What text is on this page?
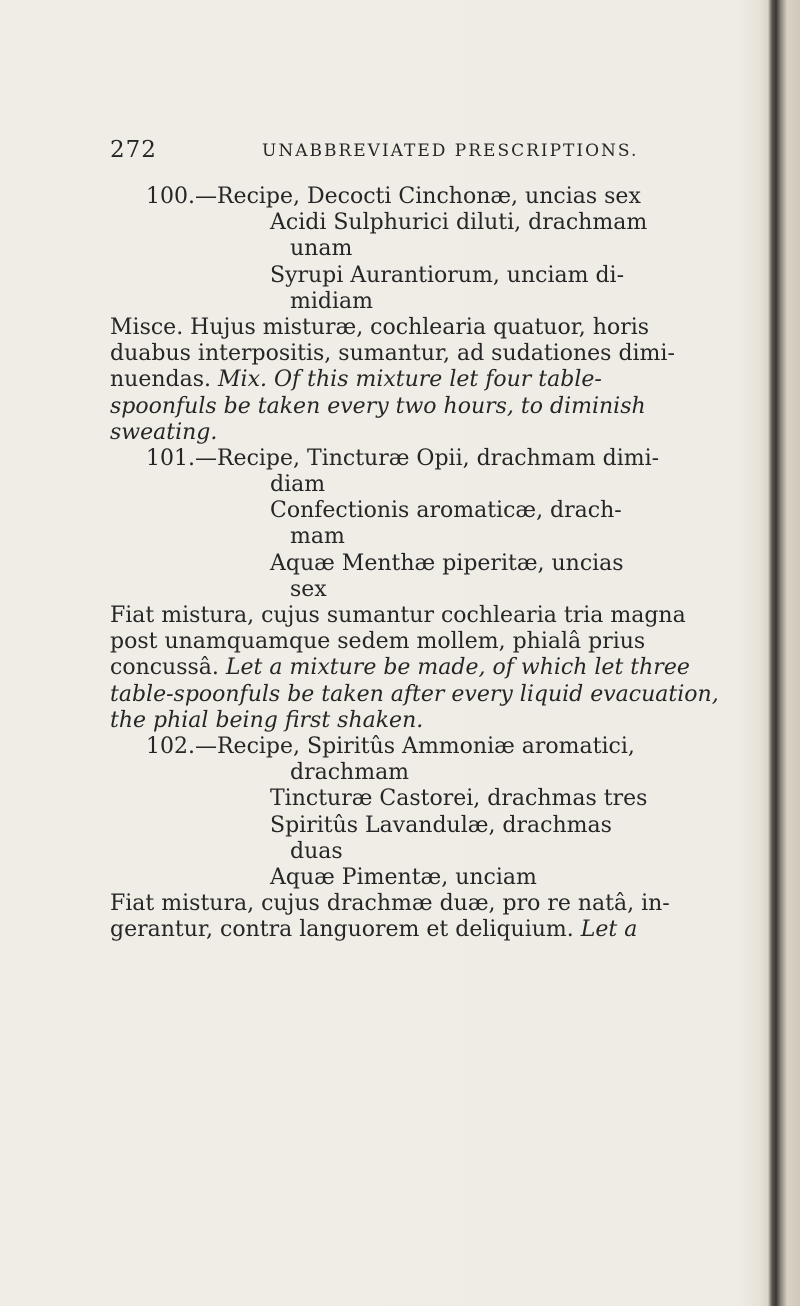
272	UNABBREVIATED PRESCRIPTIONS.
100.—Recipe, Decocti Cinchonæ, uncias sex
Acidi Sulphurici diluti, drachmam
unam
Syrupi Aurantiorum, unciam di-
midiam
Misce. Hujus misturæ, cochlearia quatuor, horis
duabus interpositis, sumantur, ad sudationes dimi-
nuendas. Mix. Of this mixture let four table-
spoonfuls be taken every two hours, to diminish
sweating.
101.—Recipe, Tincturæ Opii, drachmam dimi-
diam
Confectionis aromaticæ, drach-
mam
Aquæ Menthæ piperitæ, uncias
sex
Fiat mistura, cujus sumantur cochlearia tria magna
post unamquamque sedem mollem, phialâ prius
concussâ. Let a mixture be made, of which let three
table-spoonfuls be taken after every liquid evacuation,
the phial being first shaken.
102.—Recipe, Spiritûs Ammoniæ aromatici,
drachmam
Tincturæ Castorei, drachmas tres
Spiritûs Lavandulæ, drachmas
duas
Aquæ Pimentæ, unciam
Fiat mistura, cujus drachmæ duæ, pro re natâ, in-
gerantur, contra languorem et deliquium. Let a
